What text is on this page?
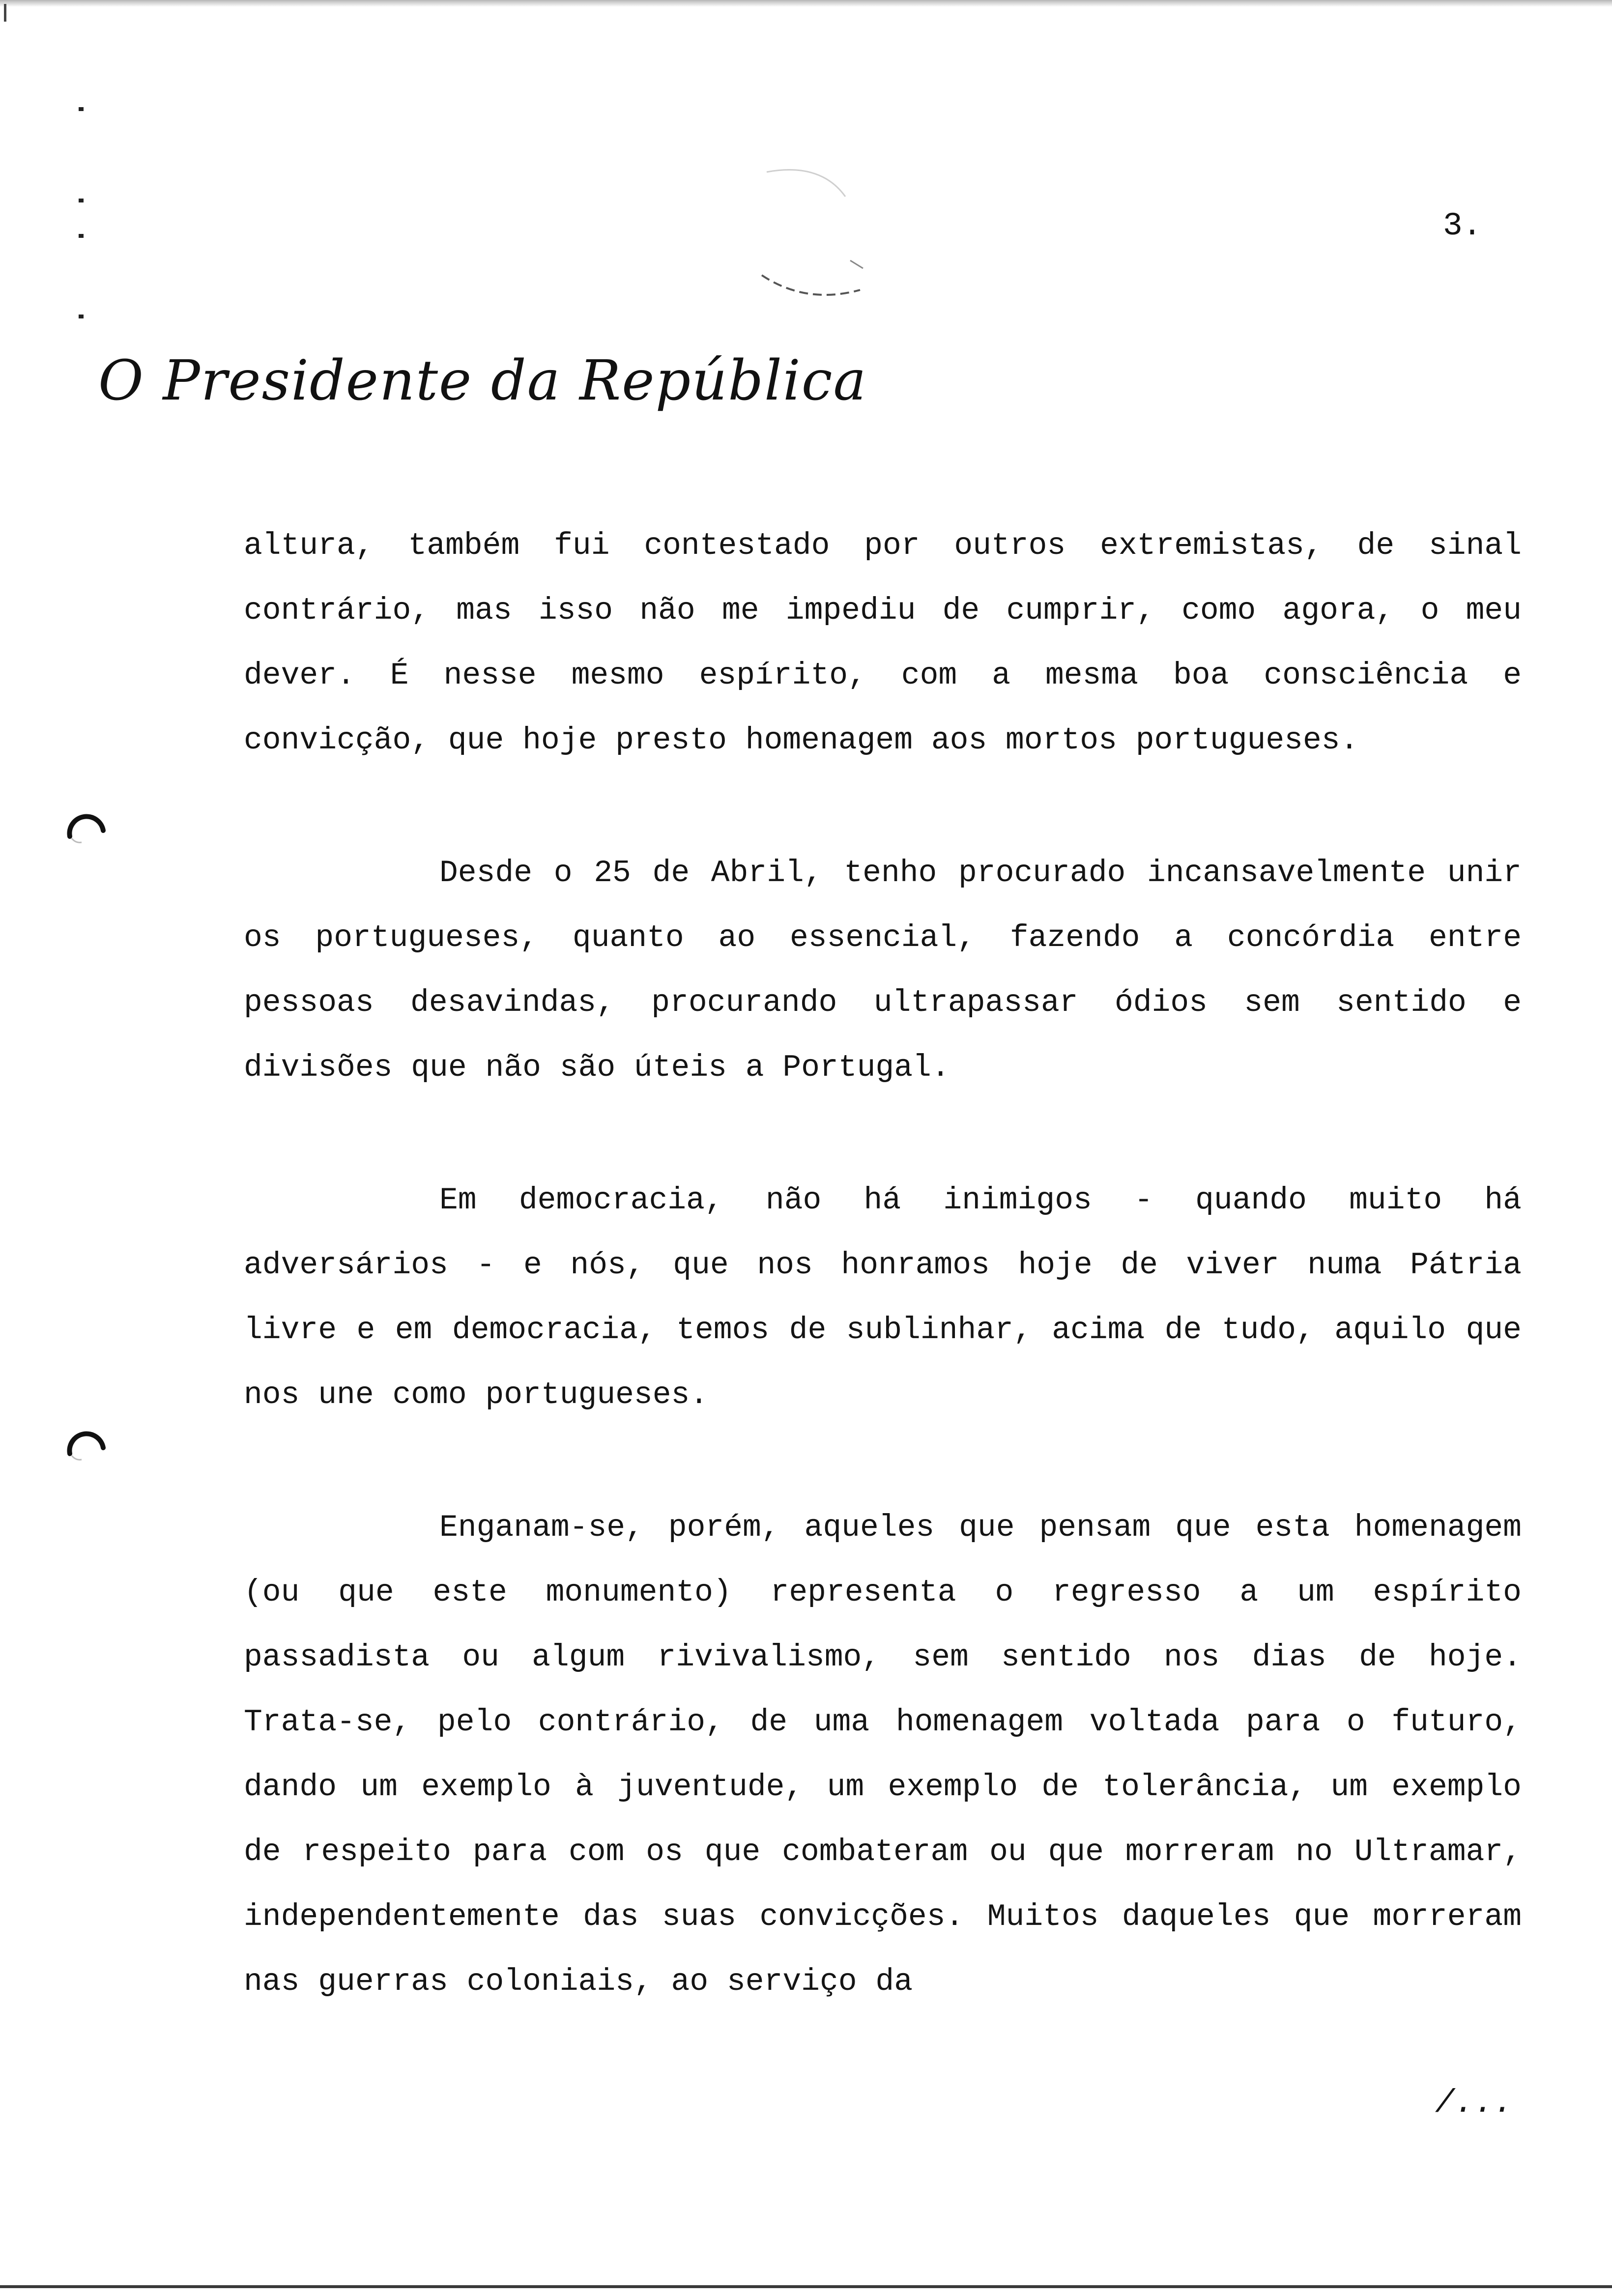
3.
O Presidente da República

altura, também fui contestado por outros extremistas, de sinal contrário, mas isso não me impediu de cumprir, como agora, o meu dever. É nesse mesmo espírito, com a mesma boa consciência e convicção, que hoje presto homenagem aos mortos portugueses.

Desde o 25 de Abril, tenho procurado incansavelmente unir os portugueses, quanto ao essencial, fazendo a concórdia entre pessoas desavindas, procurando ultrapassar ódios sem sentido e divisões que não são úteis a Portugal.

Em democracia, não há inimigos - quando muito há adversários - e nós, que nos honramos hoje de viver numa Pátria livre e em democracia, temos de sublinhar, acima de tudo, aquilo que nos une como portugueses.

Enganam-se, porém, aqueles que pensam que esta homenagem (ou que este monumento) representa o regresso a um espírito passadista ou algum rivivalismo, sem sentido nos dias de hoje. Trata-se, pelo contrário, de uma homenagem voltada para o futuro, dando um exemplo à juventude, um exemplo de tolerância, um exemplo de respeito para com os que combateram ou que morreram no Ultramar, independentemente das suas convicções. Muitos daqueles que morreram nas guerras coloniais, ao serviço da

/...
